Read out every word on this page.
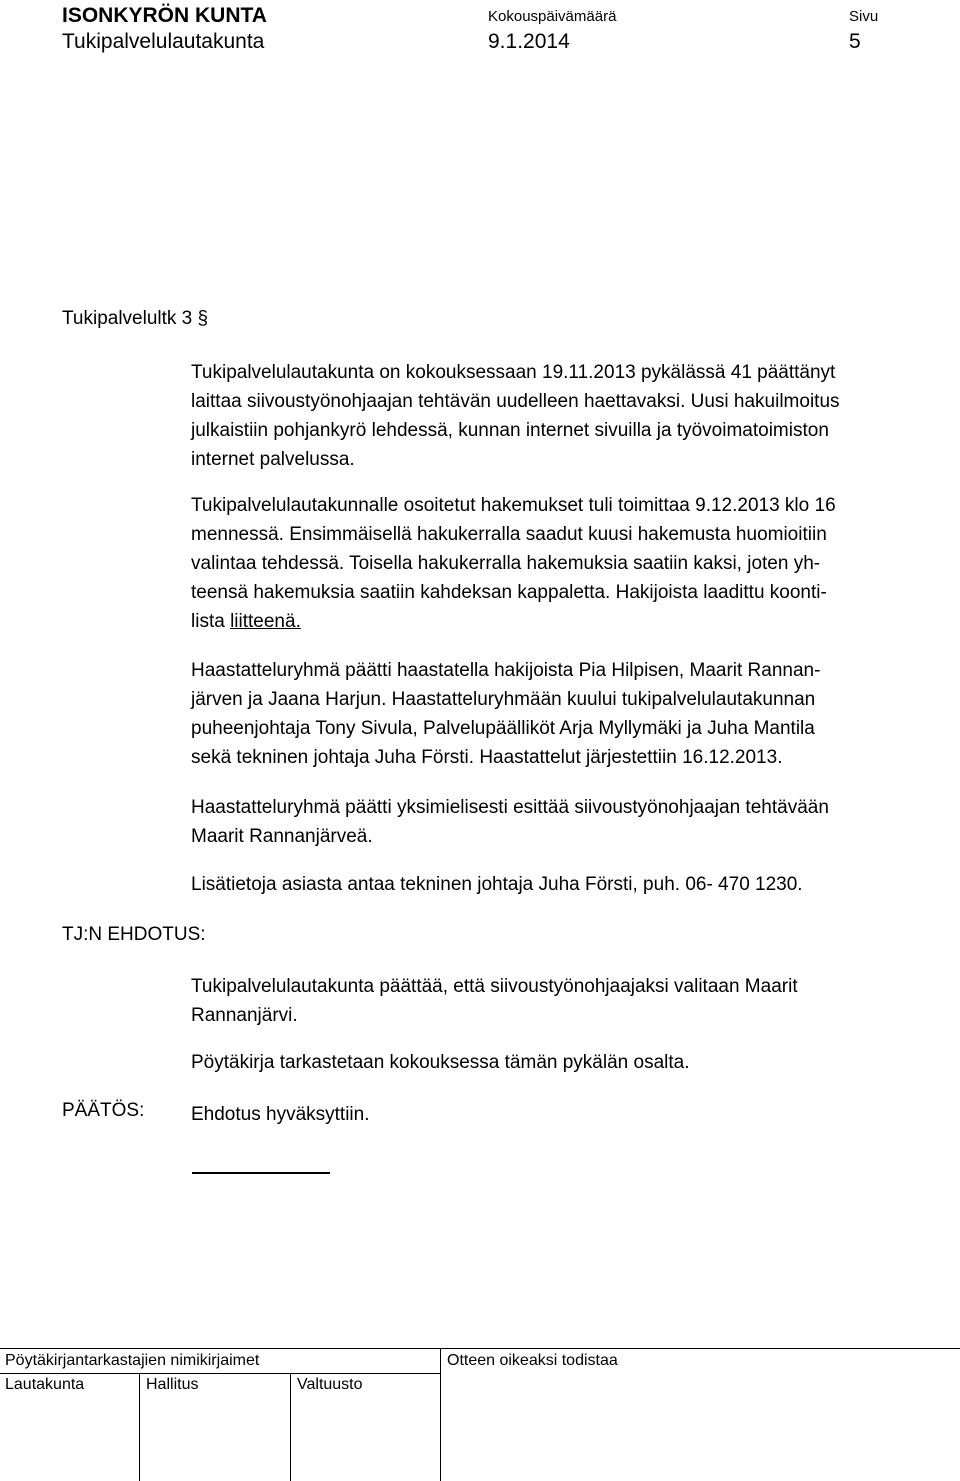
ISONKYRÖN KUNTA
Tukipalvelulautakunta
Kokouspäivämäärä
9.1.2014
Sivu
5
Tukipalvelultk 3 §

Tukipalvelulautakunta on kokouksessaan 19.11.2013 pykälässä 41 päättänyt

laittaa siivoustyönohjaajan tehtävän uudelleen haettavaksi. Uusi hakuilmoitus

julkaistiin pohjankyrö lehdessä, kunnan internet sivuilla ja työvoimatoimiston

internet palvelussa.

Tukipalvelulautakunnalle osoitetut hakemukset tuli toimittaa 9.12.2013 klo 16

mennessä. Ensimmäisellä hakukerralla saadut kuusi hakemusta huomioitiin

valintaa tehdessä. Toisella hakukerralla hakemuksia saatiin kaksi, joten yh-

teensä hakemuksia saatiin kahdeksan kappaletta. Hakijoista laadittu koonti-

lista liitteenä.

Haastatteluryhmä päätti haastatella hakijoista Pia Hilpisen, Maarit Rannan-

järven ja Jaana Harjun. Haastatteluryhmään kuului tukipalvelulautakunnan

puheenjohtaja Tony Sivula, Palvelupäälliköt Arja Myllymäki ja Juha Mantila

sekä tekninen johtaja Juha Försti. Haastattelut järjestettiin 16.12.2013.

Haastatteluryhmä päätti yksimielisesti esittää siivoustyönohjaajan tehtävään

Maarit Rannanjärveä.

Lisätietoja asiasta antaa tekninen johtaja Juha Försti, puh. 06- 470 1230.

TJ:N EHDOTUS:

Tukipalvelulautakunta päättää, että siivoustyönohjaajaksi valitaan Maarit

Rannanjärvi.

Pöytäkirja tarkastetaan kokouksessa tämän pykälän osalta.

PÄÄTÖS: Ehdotus hyväksyttiin.

Pöytäkirjantarkastajien nimikirjaimet	Otteen oikeaksi todistaa
Lautakunta	Hallitus	Valtuusto
